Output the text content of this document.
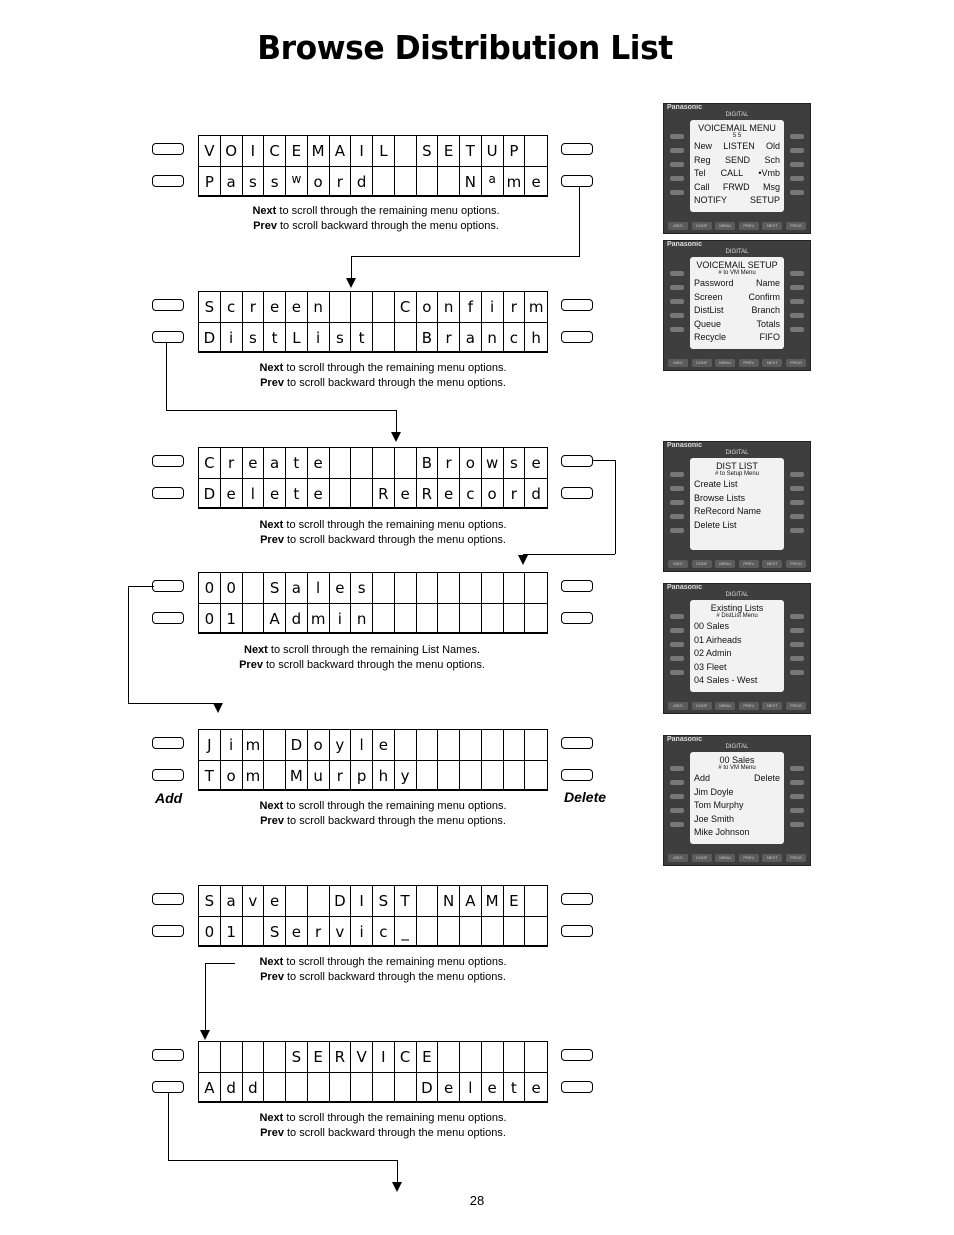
Browse Distribution List
V O I C E M A I	L	S E T U P
P a s s	w o r d	N	a m e
S c r e e n	C o n f	i	r m
D i	s t L	i	s t	B r a n c h
C r e a t e	B r o w s e
D e	l	e t e	R e R e c o r d
0 0	S a	l	e s
0 1	A d m i n
J	i m	D o y	l	e
T o m M u r p h y
S a v e	D I S T	N A M E
0 1	S e r v	i	c _
S E R V I C E
A d d	D e	l	e t e
Next to scroll through the remaining menu options.
Prev to scroll backward through the menu options.
Next to scroll through the remaining menu options.
Prev to scroll backward through the menu options.
Next to scroll through the remaining menu options.
Prev to scroll backward through the menu options.
Next to scroll through the remaining List Names.
Prev to scroll backward through the menu options.
Next to scroll through the remaining menu options.
Prev to scroll backward through the menu options.
Next to scroll through the remaining menu options.
Prev to scroll backward through the menu options.
Next to scroll through the remaining menu options.
Prev to scroll backward through the menu options.
Add	Delete
Panasonic
DIGITAL
VOICEMAIL MENU
5 5
New LISTEN Old
Reg SEND Sch
Tel CALL •Vmb
Call FRWD Msg
NOTIFY	SETUP
MSG	CONF	MENU	PREV	NEXT	PROG
Panasonic
DIGITAL
VOICEMAIL SETUP
# to VM Menu
Password Name
Screen	Confirm
DistList	Branch
Queue	Totals
Recycle	FIFO
MSG	CONF	MENU	PREV	NEXT	PROG
Panasonic
DIGITAL
DIST LIST
# to Setup Menu
Create List
Browse Lists
ReRecord Name
Delete List
MSG	CONF	MENU	PREV	NEXT	PROG
Panasonic
DIGITAL
Existing Lists
# DistList Menu
00 Sales
01 Airheads
02 Admin
03 Fleet
04 Sales - West
MSG	CONF	MENU	PREV	NEXT	PROG
Panasonic
DIGITAL
00 Sales
# to VM Menu
Add	Delete
Jim Doyle
Tom Murphy
Joe Smith
Mike Johnson
MSG	CONF	MENU	PREV	NEXT	PROG
28
